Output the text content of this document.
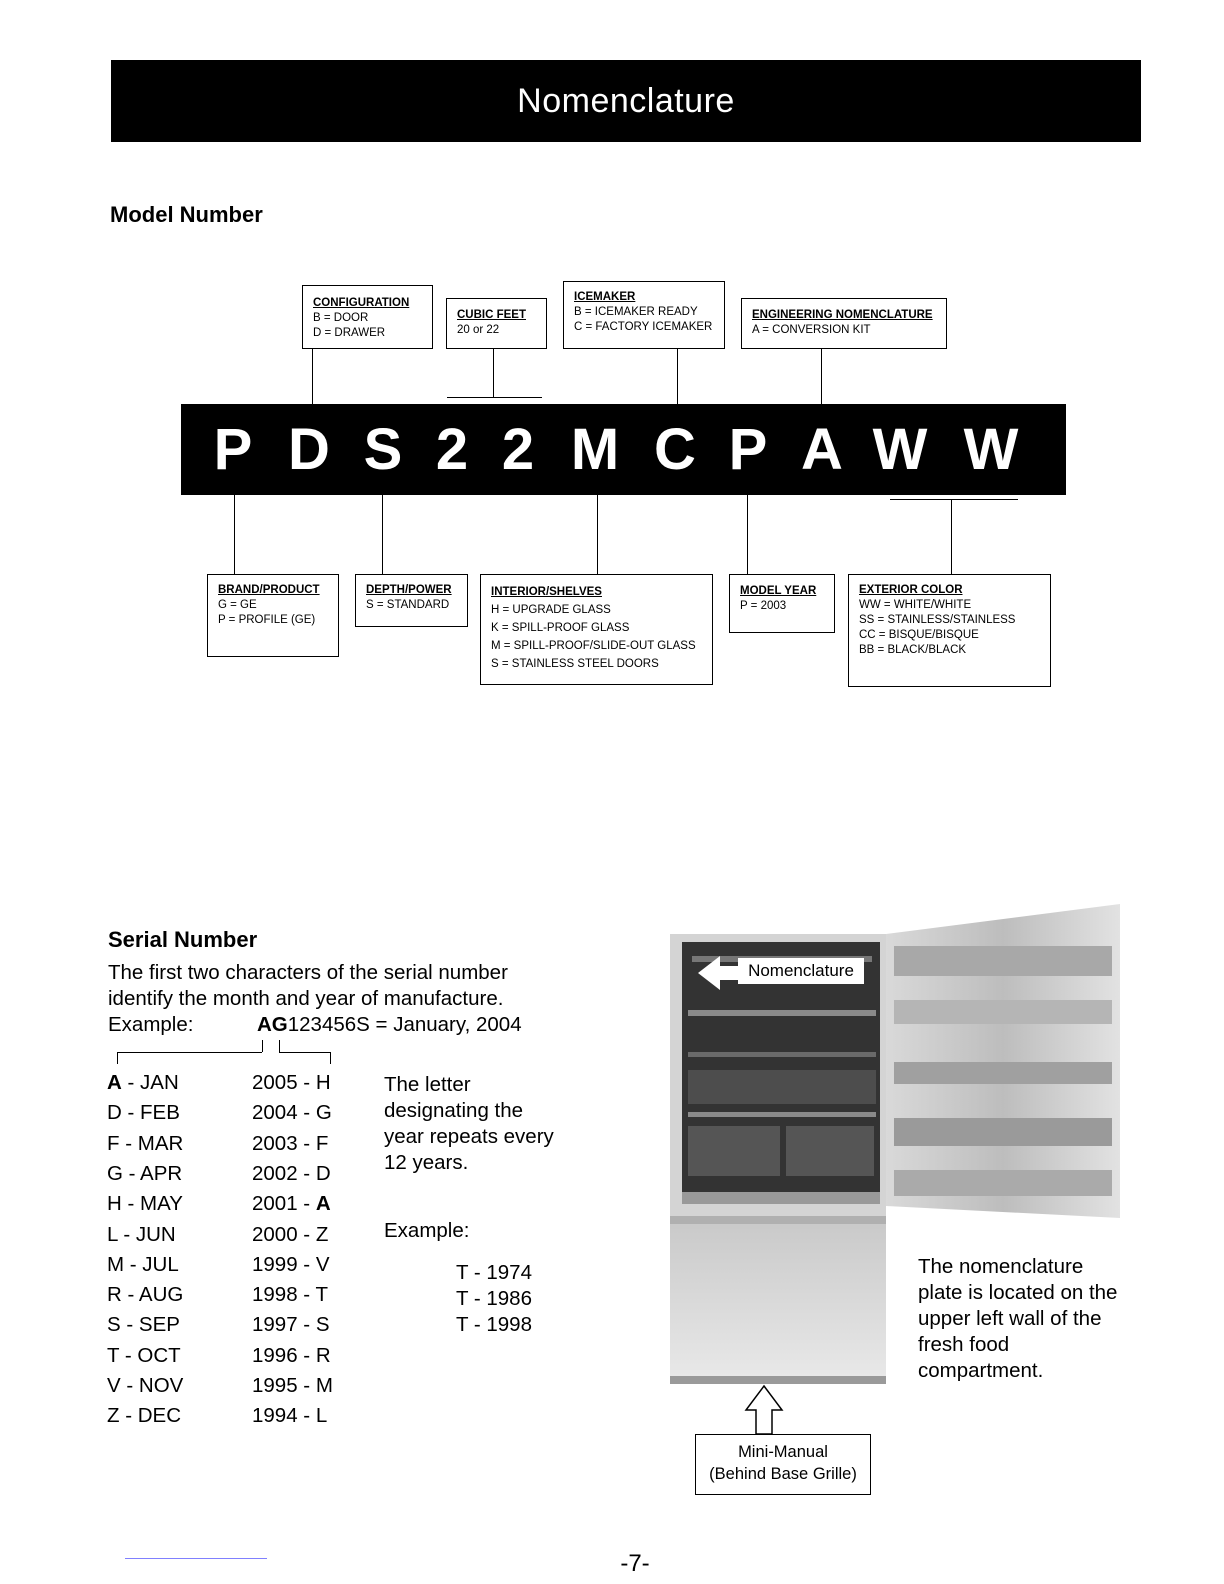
Nomenclature
Model Number
CONFIGURATION
B = DOOR
D = DRAWER
CUBIC FEET
20 or 22
ICEMAKER
B = ICEMAKER READY
C = FACTORY ICEMAKER
ENGINEERING NOMENCLATURE
A = CONVERSION KIT
P D S 2 2 M C P A W W
BRAND/PRODUCT
G = GE
P = PROFILE (GE)
DEPTH/POWER
S = STANDARD
INTERIOR/SHELVES
H = UPGRADE GLASS
K = SPILL-PROOF GLASS
M = SPILL-PROOF/SLIDE-OUT GLASS
S = STAINLESS STEEL DOORS
MODEL YEAR
P = 2003
EXTERIOR COLOR
WW = WHITE/WHITE
SS = STAINLESS/STAINLESS
CC = BISQUE/BISQUE
BB = BLACK/BLACK
Serial Number
The first two characters of the serial number
identify the month and year of manufacture.
Example:	AG123456S = January, 2004
A - JAN
D - FEB
F - MAR
G - APR
H - MAY
L - JUN
M - JUL
R - AUG
S - SEP
T - OCT
V - NOV
Z - DEC
2005 - H
2004 - G
2003 - F
2002 - D
2001 - A
2000 - Z
1999 - V
1998 - T
1997 - S
1996 - R
1995 - M
1994 - L
The letter
designating the
year repeats every
12 years.
Example:
T - 1974
T - 1986
T - 1998
Nomenclature
Mini-Manual
(Behind Base Grille)
The nomenclature
plate is located on the
upper left wall of the
fresh food
compartment.
-7-
